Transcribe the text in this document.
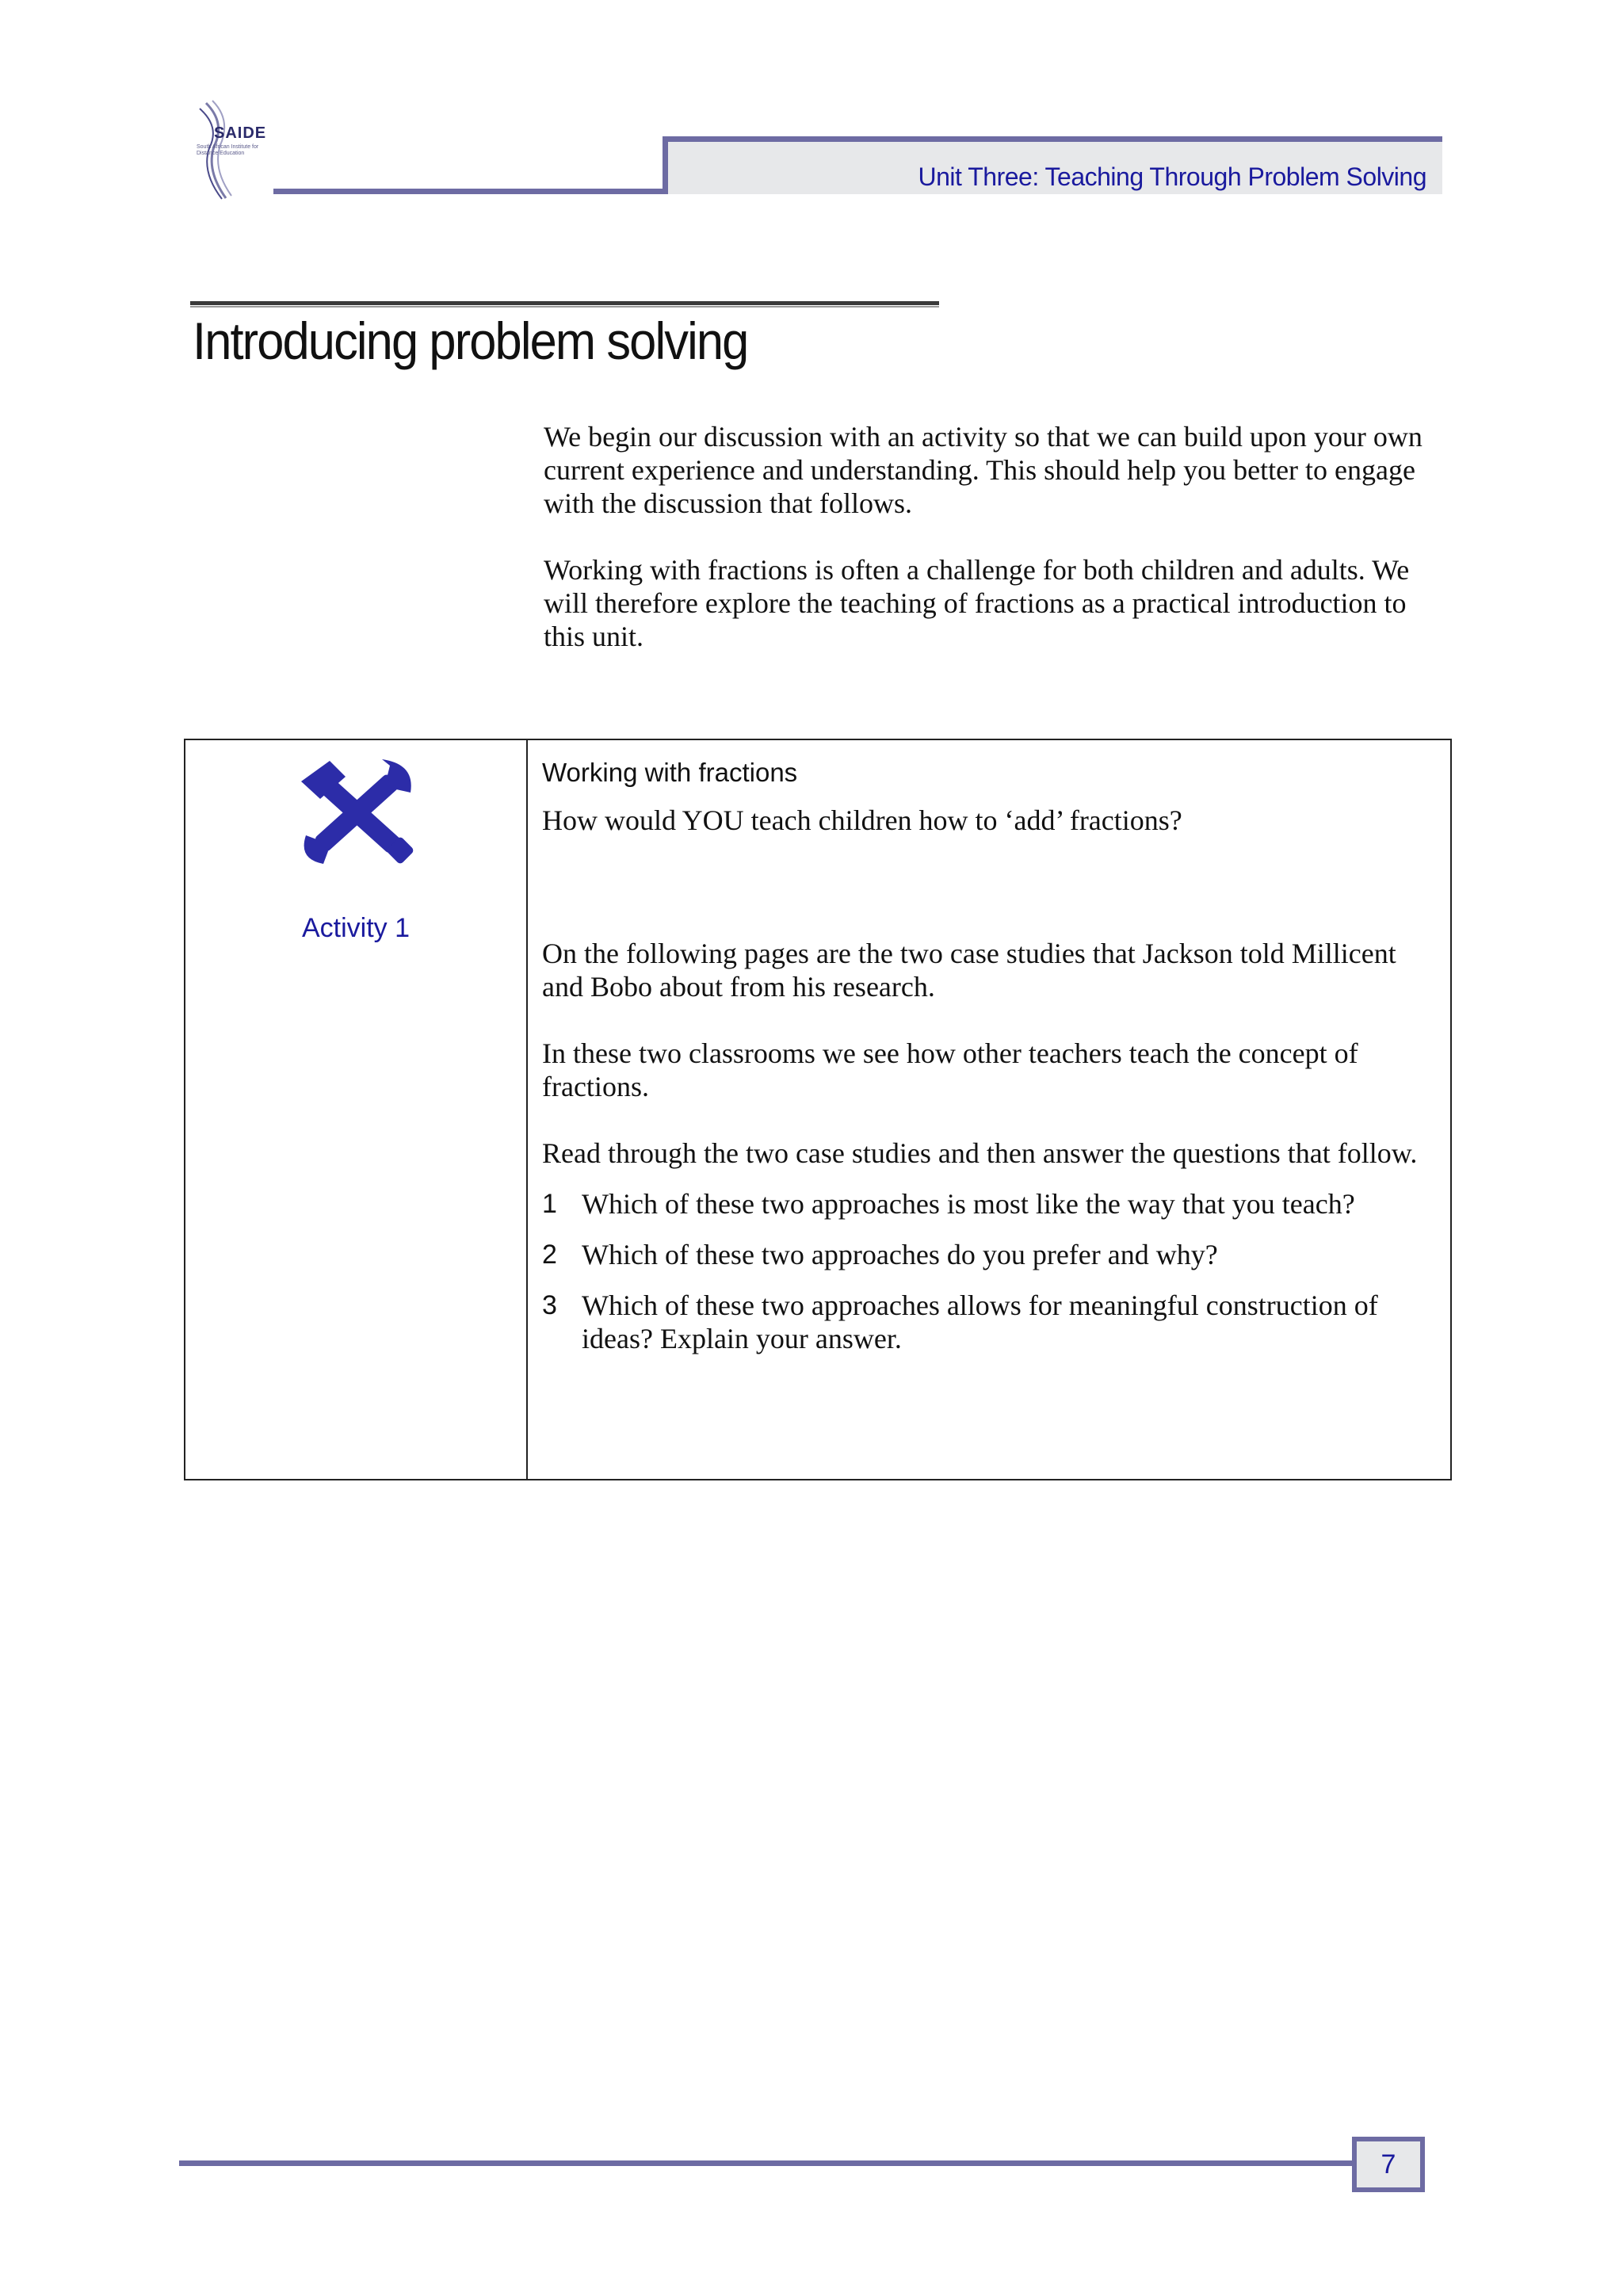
SAIDE
South African Institute for Distance Education
Unit Three: Teaching Through Problem Solving
Introducing problem solving

We begin our discussion with an activity so that we can build upon your own current experience and understanding. This should help you better to engage with the discussion that follows.

Working with fractions is often a challenge for both children and adults. We will therefore explore the teaching of fractions as a practical introduction to this unit.

Activity 1

Working with fractions

How would YOU teach children how to ‘add’ fractions?

On the following pages are the two case studies that Jackson told Millicent and Bobo about from his research.

In these two classrooms we see how other teachers teach the concept of fractions.

Read through the two case studies and then answer the questions that follow.

1 Which of these two approaches is most like the way that you teach?
2 Which of these two approaches do you prefer and why?
3 Which of these two approaches allows for meaningful construction of ideas? Explain your answer.
7
